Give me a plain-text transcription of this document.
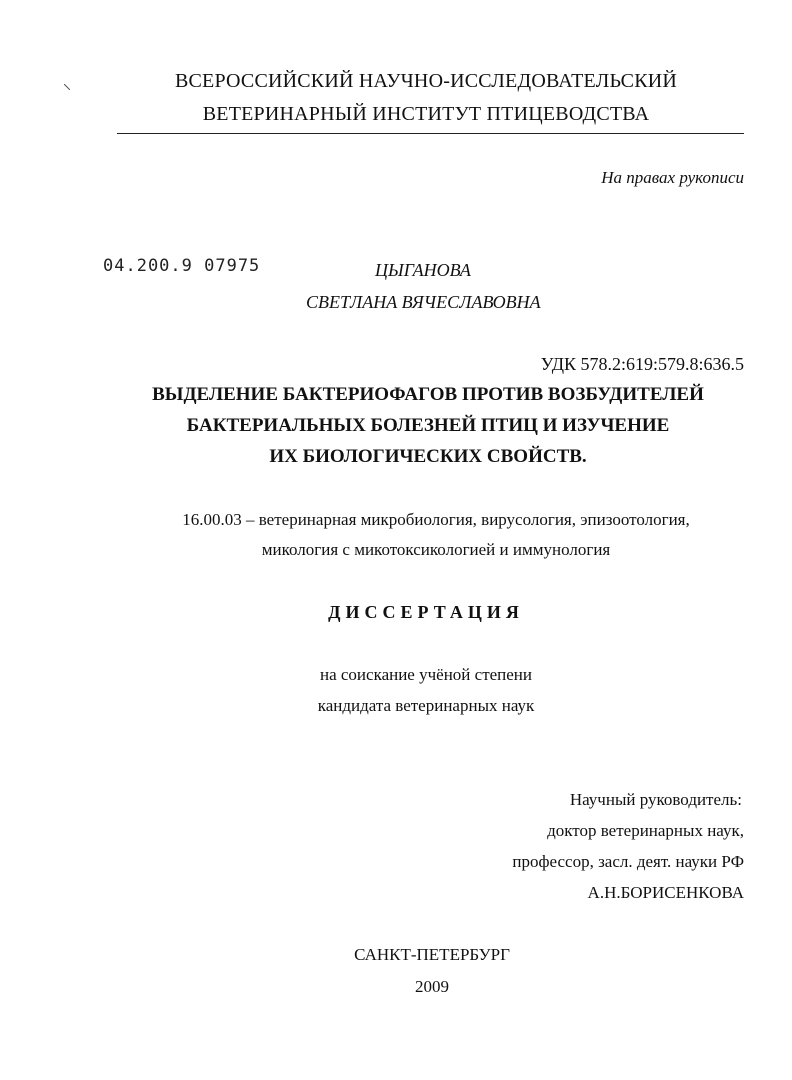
ВСЕРОССИЙСКИЙ НАУЧНО-ИССЛЕДОВАТЕЛЬСКИЙ
ВЕТЕРИНАРНЫЙ ИНСТИТУТ ПТИЦЕВОДСТВА
На правах рукописи
04.200.9 07975	ЦЫГАНОВА
СВЕТЛАНА ВЯЧЕСЛАВОВНА
УДК 578.2:619:579.8:636.5
ВЫДЕЛЕНИЕ БАКТЕРИОФАГОВ ПРОТИВ ВОЗБУДИТЕЛЕЙ
БАКТЕРИАЛЬНЫХ БОЛЕЗНЕЙ ПТИЦ И ИЗУЧЕНИЕ
ИХ БИОЛОГИЧЕСКИХ СВОЙСТВ.
16.00.03 – ветеринарная микробиология, вирусология, эпизоотология,
микология с микотоксикологией и иммунология
ДИССЕРТАЦИЯ
на соискание учёной степени
кандидата ветеринарных наук
Научный руководитель:
доктор ветеринарных наук,
профессор, засл. деят. науки РФ
А.Н.БОРИСЕНКОВА
САНКТ-ПЕТЕРБУРГ
2009
